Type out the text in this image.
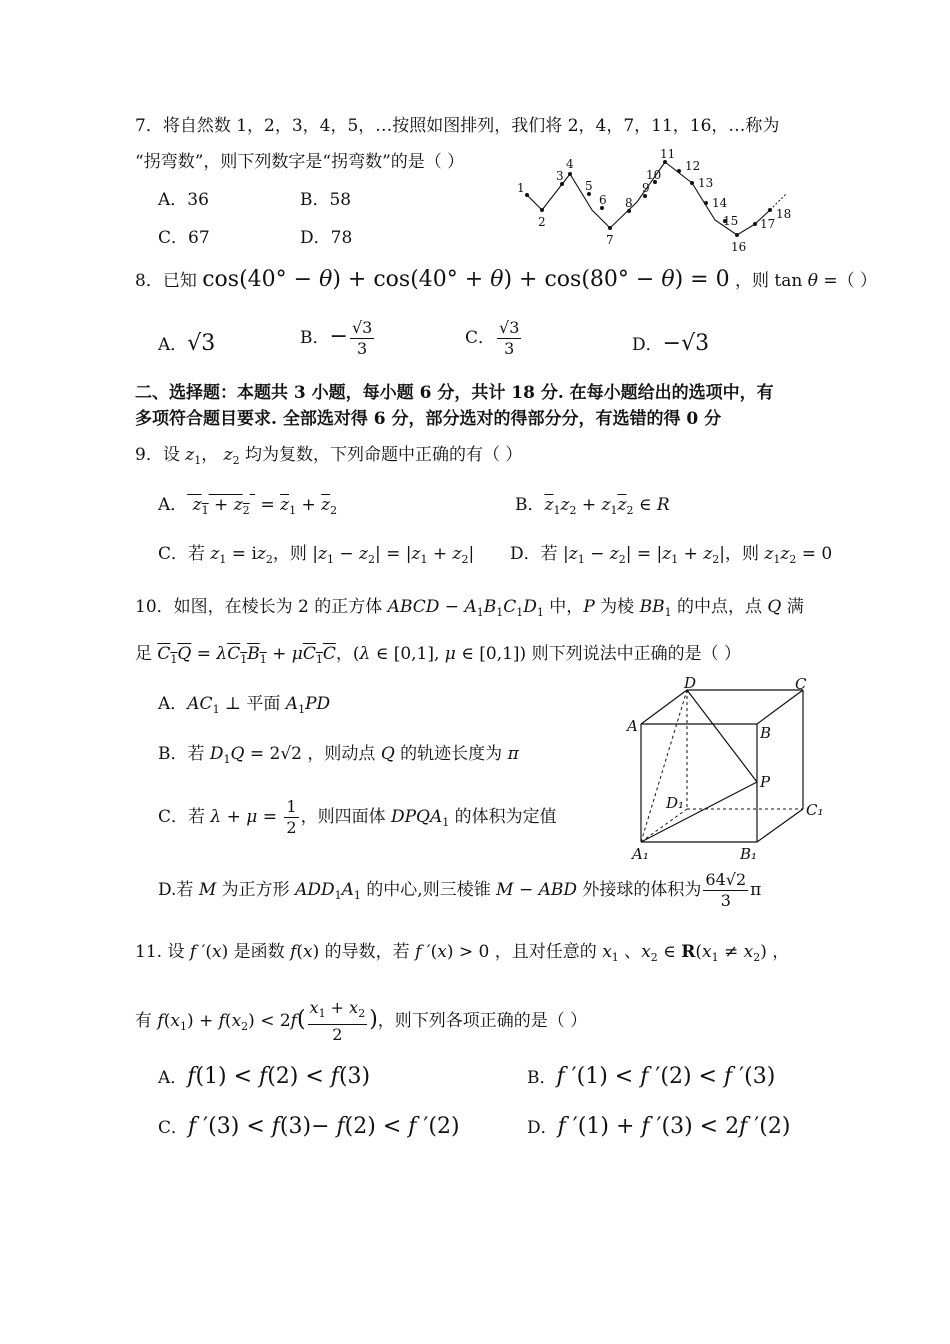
7．将自然数 1，2，3，4，5，…按照如图排列，我们将 2，4，7，11，16，…称为
“拐弯数”，则下列数字是“拐弯数”的是（ ）
A．36	B．58
C．67	D．78
1
2
3
4
5
6
7
8
9
10
11
12
13
14
15
16
17
18
8．已知 cos(40° − θ) + cos(40° + θ) + cos(80° − θ) = 0 ，则 tan θ =（ ）
A．√3	B．− $\frac{√3}{3}$	C． $\frac{√3}{3}$	D．−√3
二、选择题：本题共 3 小题，每小题 6 分，共计 18 分. 在每小题给出的选项中，有
多项符合题目要求. 全部选对得 6 分，部分选对的得部分分，有选错的得 0 分
9．设 $z_1$， $z_2$ 均为复数，下列命题中正确的有（ ）
A． $z_1 + z_2 = \overline{z}_1 + \overline{z}_2$	B．$\overline{z}_1z_2 + z_1\overline{z}_2$ ∈ R
C．若 $z_1 = iz_2$，则 $|z_1 - z_2| = |z_1 + z_2|$ D．若 $|z_1 - z_2| = |z_1 + z_2|$，则 $z_1z_2 = 0$
10．如图，在棱长为 2 的正方体 ABCD − $A_1B_1C_1D_1$ 中，P 为棱 $BB_1$ 的中点，点 Q 满
足 $C_1Q = \lambda C_1B_1 + \mu C_1C$，(λ ∈ [0,1], μ ∈ [0,1]) 则下列说法中正确的是（ ）
A．$AC_1$ ⊥ 平面 $A_1PD$
B．若 $D_1Q = 2√2$ ，则动点 Q 的轨迹长度为 π
C．若 $\lambda + \mu = \frac{1}{2}$ ，则四面体 $DPQA_1$ 的体积为定值
D.若 M 为正方形 $ADD_1A_1$ 的中心,则三棱锥 M − ABD 外接球的体积为 $\frac{64√2}{3}$ π
A	B
C
D
A₁	B₁
C₁
D₁
P
11. 设 f ′(x) 是函数 f(x) 的导数，若 f ′(x) > 0 ，且对任意的 $x_1$ 、$x_2$ ∈ $R(x_1 \ne x_2)$ ，
有 $f(x_1) + f(x_2) < 2f( \frac{x_1 + x_2}{2}$ )，则下列各项正确的是（ ）
A．f(1) < f(2) < f(3)	B．f ′(1) < f ′(2) < f ′(3)
C．f ′(3) < f(3)− f(2) < f ′(2)	D．f ′(1) + f ′(3) < 2f ′(2)
